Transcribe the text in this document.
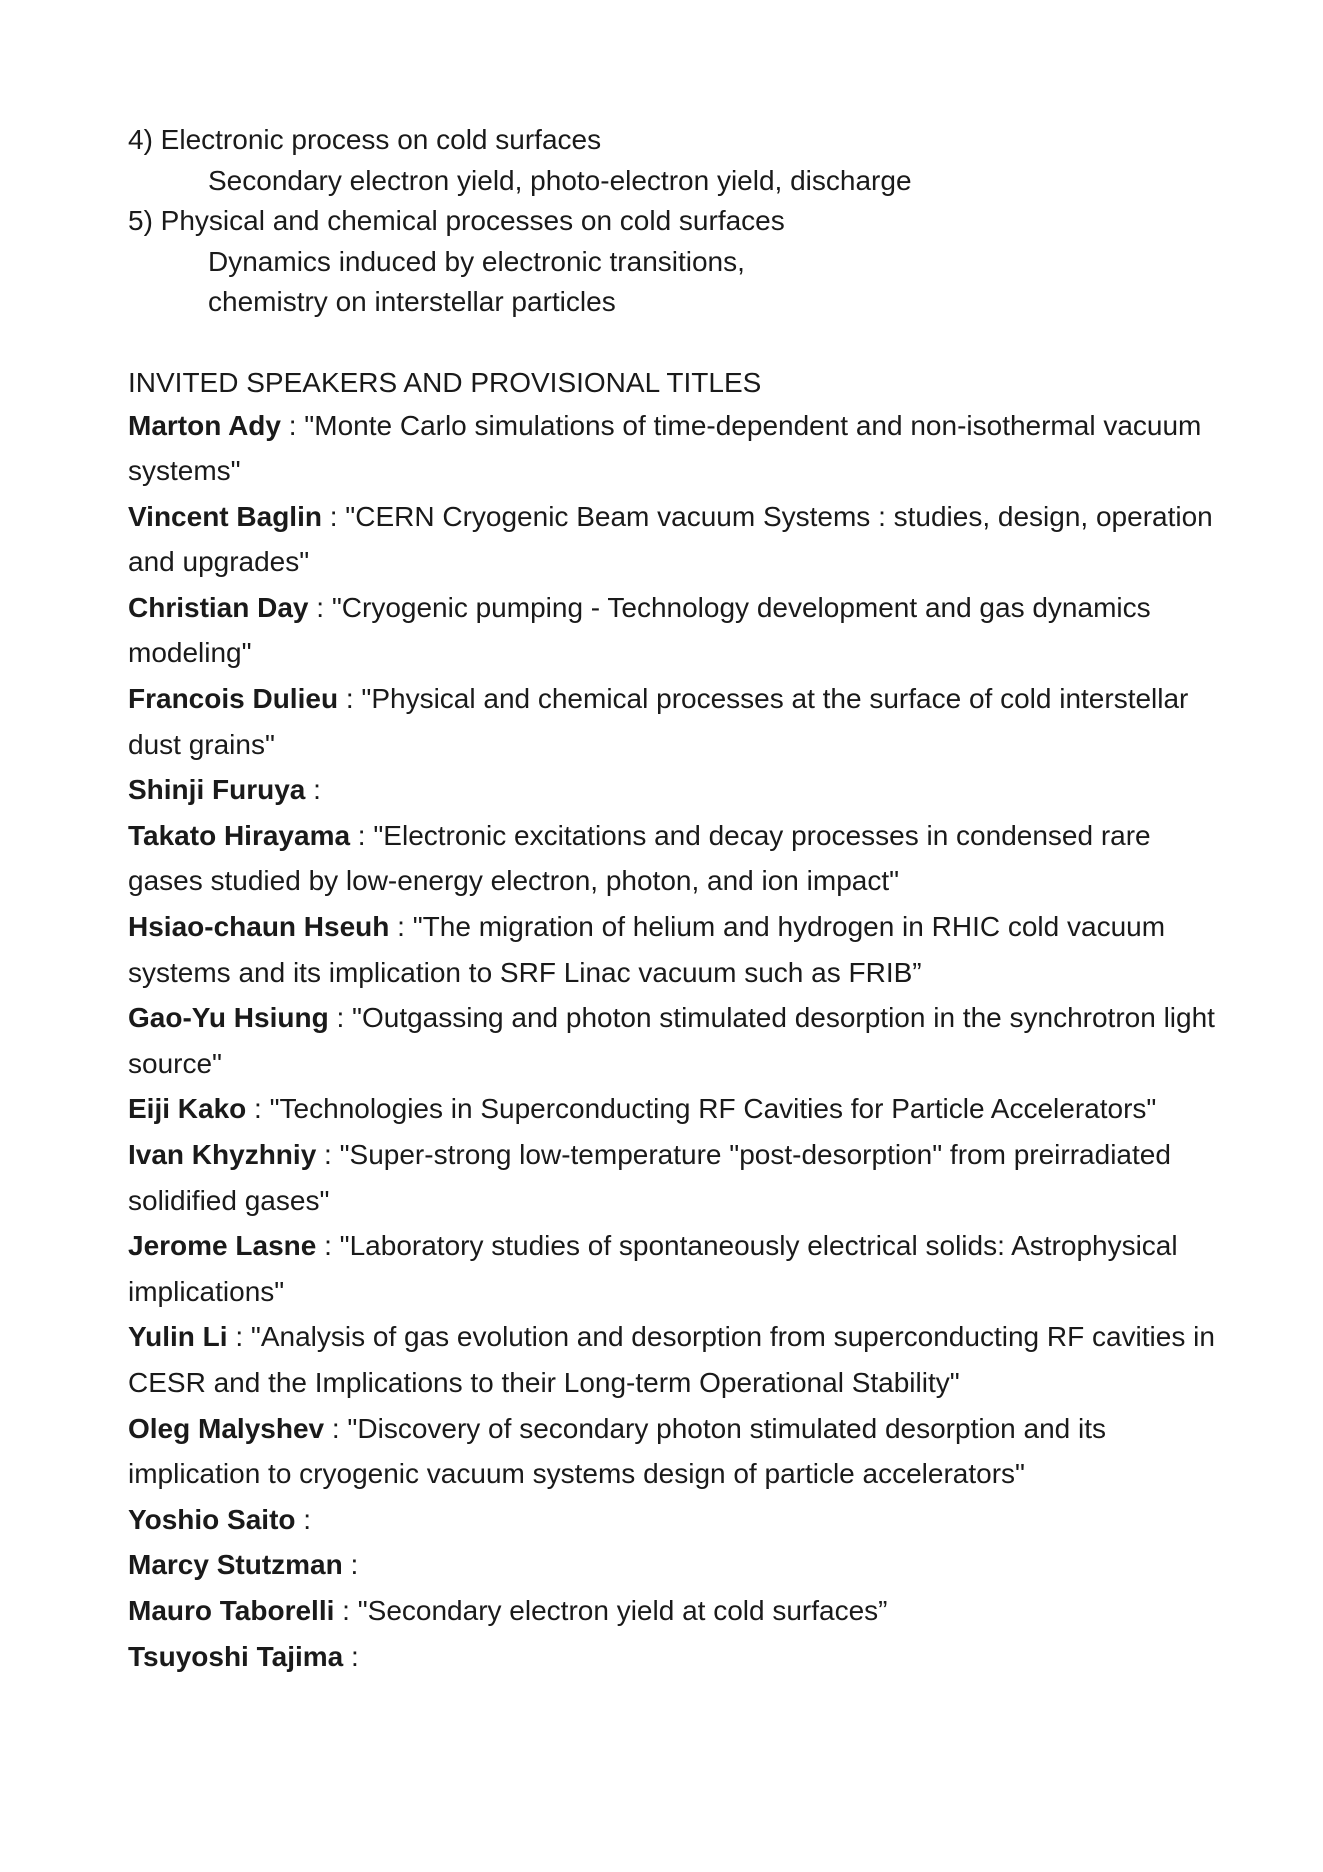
4) Electronic process on cold surfaces
Secondary electron yield, photo-electron yield, discharge
5) Physical and chemical processes on cold surfaces
Dynamics induced by electronic transitions,
chemistry on interstellar particles
INVITED SPEAKERS AND PROVISIONAL TITLES

Marton Ady : "Monte Carlo simulations of time-dependent and non-isothermal vacuum systems"

Vincent Baglin : "CERN Cryogenic Beam vacuum Systems : studies, design, operation and upgrades"

Christian Day : "Cryogenic pumping - Technology development and gas dynamics modeling"

Francois Dulieu : "Physical and chemical processes at the surface of cold interstellar dust grains"

Shinji Furuya :

Takato Hirayama : "Electronic excitations and decay processes in condensed rare gases studied by low-energy electron, photon, and ion impact"

Hsiao-chaun Hseuh : "The migration of helium and hydrogen in RHIC cold vacuum systems and its implication to SRF Linac vacuum such as FRIB”

Gao-Yu Hsiung : "Outgassing and photon stimulated desorption in the synchrotron light source"

Eiji Kako : "Technologies in Superconducting RF Cavities for Particle Accelerators"

Ivan Khyzhniy : "Super-strong low-temperature "post-desorption" from preirradiated solidified gases"

Jerome Lasne : "Laboratory studies of spontaneously electrical solids: Astrophysical implications"

Yulin Li : "Analysis of gas evolution and desorption from superconducting RF cavities in CESR and the Implications to their Long-term Operational Stability"

Oleg Malyshev : "Discovery of secondary photon stimulated desorption and its implication to cryogenic vacuum systems design of particle accelerators"

Yoshio Saito :

Marcy Stutzman :

Mauro Taborelli : "Secondary electron yield at cold surfaces”

Tsuyoshi Tajima :
